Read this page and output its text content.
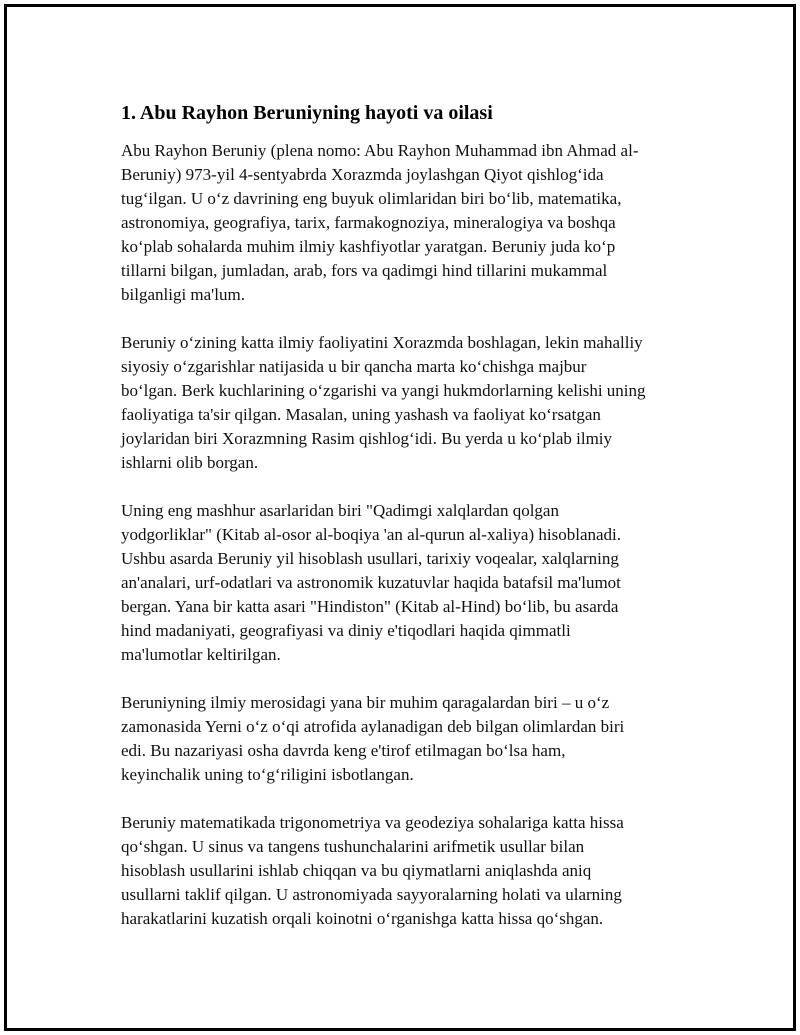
1. Abu Rayhon Beruniyning hayoti va oilasi

Abu Rayhon Beruniy (plena nomo: Abu Rayhon Muhammad ibn Ahmad al-
Beruniy) 973-yil 4-sentyabrda Xorazmda joylashgan Qiyot qishlog‘ida
tug‘ilgan. U o‘z davrining eng buyuk olimlaridan biri bo‘lib, matematika,
astronomiya, geografiya, tarix, farmakognoziya, mineralogiya va boshqa
ko‘plab sohalarda muhim ilmiy kashfiyotlar yaratgan. Beruniy juda ko‘p
tillarni bilgan, jumladan, arab, fors va qadimgi hind tillarini mukammal
bilganligi ma'lum.

Beruniy o‘zining katta ilmiy faoliyatini Xorazmda boshlagan, lekin mahalliy
siyosiy o‘zgarishlar natijasida u bir qancha marta ko‘chishga majbur
bo‘lgan. Berk kuchlarining o‘zgarishi va yangi hukmdorlarning kelishi uning
faoliyatiga ta'sir qilgan. Masalan, uning yashash va faoliyat ko‘rsatgan
joylaridan biri Xorazmning Rasim qishlog‘idi. Bu yerda u ko‘plab ilmiy
ishlarni olib borgan.

Uning eng mashhur asarlaridan biri "Qadimgi xalqlardan qolgan
yodgorliklar" (Kitab al-osor al-boqiya 'an al-qurun al-xaliya) hisoblanadi.
Ushbu asarda Beruniy yil hisoblash usullari, tarixiy voqealar, xalqlarning
an'analari, urf-odatlari va astronomik kuzatuvlar haqida batafsil ma'lumot
bergan. Yana bir katta asari "Hindiston" (Kitab al-Hind) bo‘lib, bu asarda
hind madaniyati, geografiyasi va diniy e'tiqodlari haqida qimmatli
ma'lumotlar keltirilgan.

Beruniyning ilmiy merosidagi yana bir muhim qaragalardan biri – u o‘z
zamonasida Yerni o‘z o‘qi atrofida aylanadigan deb bilgan olimlardan biri
edi. Bu nazariyasi osha davrda keng e'tirof etilmagan bo‘lsa ham,
keyinchalik uning to‘g‘riligini isbotlangan.

Beruniy matematikada trigonometriya va geodeziya sohalariga katta hissa
qo‘shgan. U sinus va tangens tushunchalarini arifmetik usullar bilan
hisoblash usullarini ishlab chiqqan va bu qiymatlarni aniqlashda aniq
usullarni taklif qilgan. U astronomiyada sayyoralarning holati va ularning
harakatlarini kuzatish orqali koinotni o‘rganishga katta hissa qo‘shgan.
